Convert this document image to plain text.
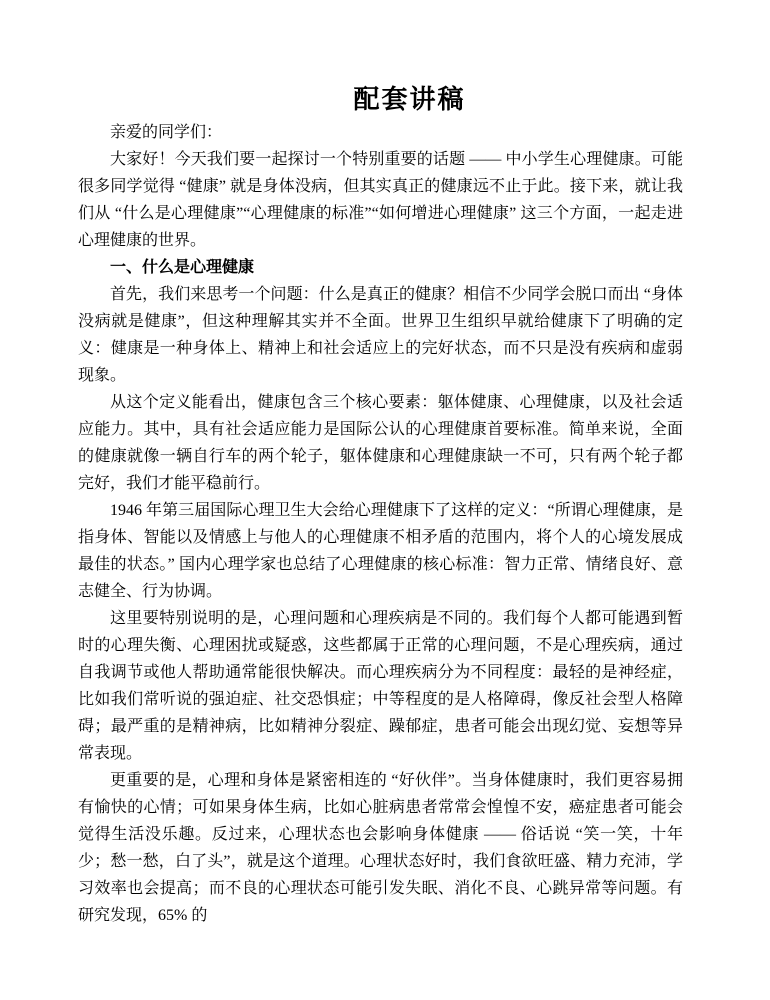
配套讲稿

亲爱的同学们：

大家好！今天我们要一起探讨一个特别重要的话题 —— 中小学生心理健康。可能很多同学觉得 “健康” 就是身体没病，但其实真正的健康远不止于此。接下来，就让我们从 “什么是心理健康”“心理健康的标准”“如何增进心理健康” 这三个方面，一起走进心理健康的世界。

一、什么是心理健康

首先，我们来思考一个问题：什么是真正的健康？相信不少同学会脱口而出 “身体没病就是健康”，但这种理解其实并不全面。世界卫生组织早就给健康下了明确的定义：健康是一种身体上、精神上和社会适应上的完好状态，而不只是没有疾病和虚弱现象。

从这个定义能看出，健康包含三个核心要素：躯体健康、心理健康，以及社会适应能力。其中，具有社会适应能力是国际公认的心理健康首要标准。简单来说，全面的健康就像一辆自行车的两个轮子，躯体健康和心理健康缺一不可，只有两个轮子都完好，我们才能平稳前行。

1946 年第三届国际心理卫生大会给心理健康下了这样的定义：“所谓心理健康，是指身体、智能以及情感上与他人的心理健康不相矛盾的范围内，将个人的心境发展成最佳的状态。” 国内心理学家也总结了心理健康的核心标准：智力正常、情绪良好、意志健全、行为协调。

这里要特别说明的是，心理问题和心理疾病是不同的。我们每个人都可能遇到暂时的心理失衡、心理困扰或疑惑，这些都属于正常的心理问题，不是心理疾病，通过自我调节或他人帮助通常能很快解决。而心理疾病分为不同程度：最轻的是神经症，比如我们常听说的强迫症、社交恐惧症；中等程度的是人格障碍，像反社会型人格障碍；最严重的是精神病，比如精神分裂症、躁郁症，患者可能会出现幻觉、妄想等异常表现。

更重要的是，心理和身体是紧密相连的 “好伙伴”。当身体健康时，我们更容易拥有愉快的心情；可如果身体生病，比如心脏病患者常常会惶惶不安，癌症患者可能会觉得生活没乐趣。反过来，心理状态也会影响身体健康 —— 俗话说 “笑一笑，十年少；愁一愁，白了头”，就是这个道理。心理状态好时，我们食欲旺盛、精力充沛，学习效率也会提高；而不良的心理状态可能引发失眠、消化不良、心跳异常等问题。有研究发现，65% 的
